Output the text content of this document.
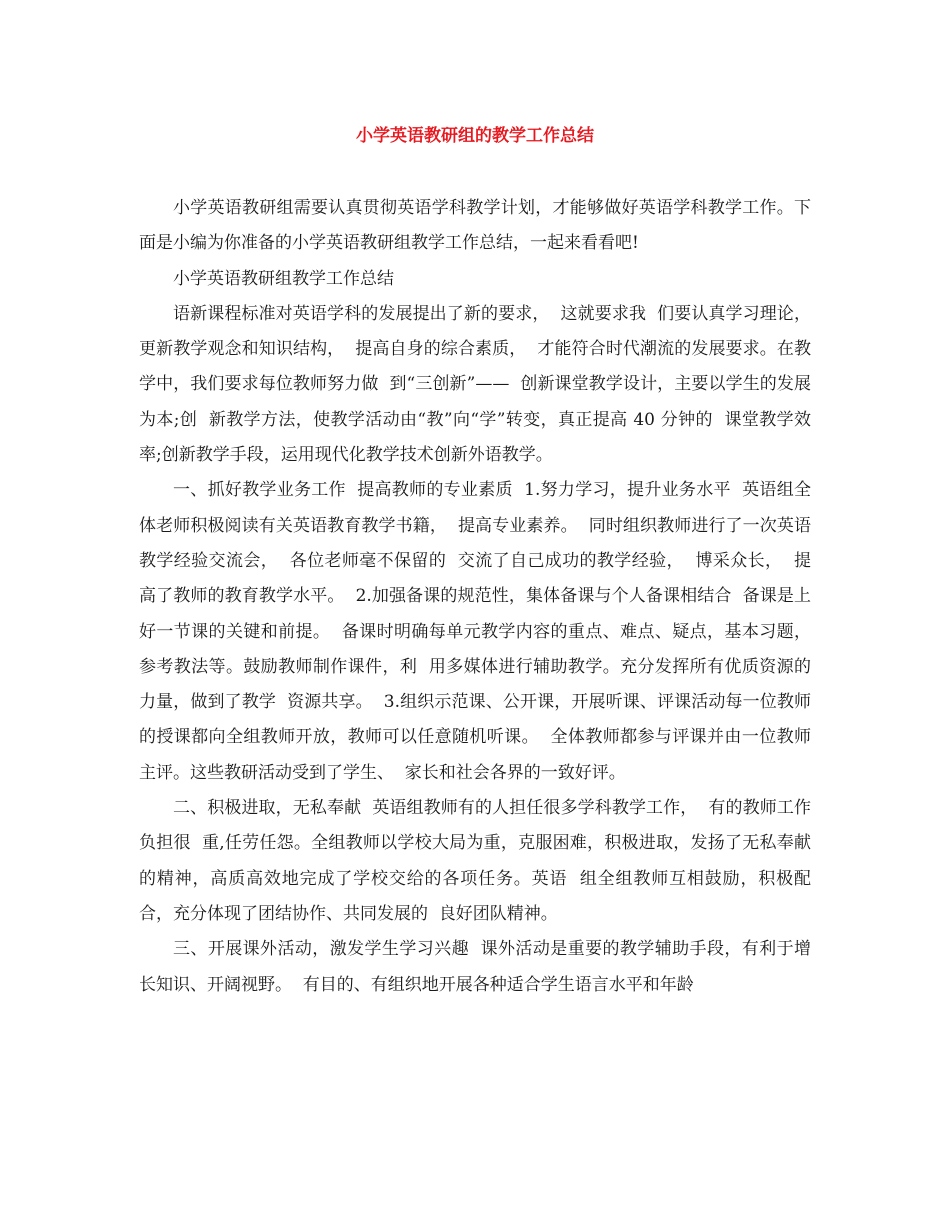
小学英语教研组的教学工作总结

小学英语教研组需要认真贯彻英语学科教学计划，才能够做好英语学科教学工作。下面是小编为你准备的小学英语教研组教学工作总结，一起来看看吧!

小学英语教研组教学工作总结

语新课程标准对英语学科的发展提出了新的要求，  这就要求我  们要认真学习理论，  更新教学观念和知识结构，  提高自身的综合素质，  才能符合时代潮流的发展要求。在教学中，我们要求每位教师努力做  到“三创新”——  创新课堂教学设计，主要以学生的发展为本;创  新教学方法，使教学活动由“教”向“学”转变，真正提高 40 分钟的  课堂教学效率;创新教学手段，运用现代化教学技术创新外语教学。

一、抓好教学业务工作  提高教师的专业素质  1.努力学习，提升业务水平  英语组全体老师积极阅读有关英语教育教学书籍，  提高专业素养。  同时组织教师进行了一次英语教学经验交流会，  各位老师毫不保留的  交流了自己成功的教学经验，  博采众长，  提高了教师的教育教学水平。  2.加强备课的规范性，集体备课与个人备课相结合  备课是上好一节课的关键和前提。  备课时明确每单元教学内容的重点、难点、疑点，基本习题，参考教法等。鼓励教师制作课件，利  用多媒体进行辅助教学。充分发挥所有优质资源的力量，做到了教学  资源共享。  3.组织示范课、公开课，开展听课、评课活动每一位教师的授课都向全组教师开放，教师可以任意随机听课。  全体教师都参与评课并由一位教师主评。这些教研活动受到了学生、  家长和社会各界的一致好评。

二、积极进取，无私奉献  英语组教师有的人担任很多学科教学工作，  有的教师工作负担很  重,任劳任怨。全组教师以学校大局为重，克服困难，积极进取，发扬了无私奉献的精神，高质高效地完成了学校交给的各项任务。英语  组全组教师互相鼓励，积极配合，充分体现了团结协作、共同发展的  良好团队精神。

三、开展课外活动，激发学生学习兴趣  课外活动是重要的教学辅助手段，有利于增长知识、开阔视野。  有目的、有组织地开展各种适合学生语言水平和年龄
